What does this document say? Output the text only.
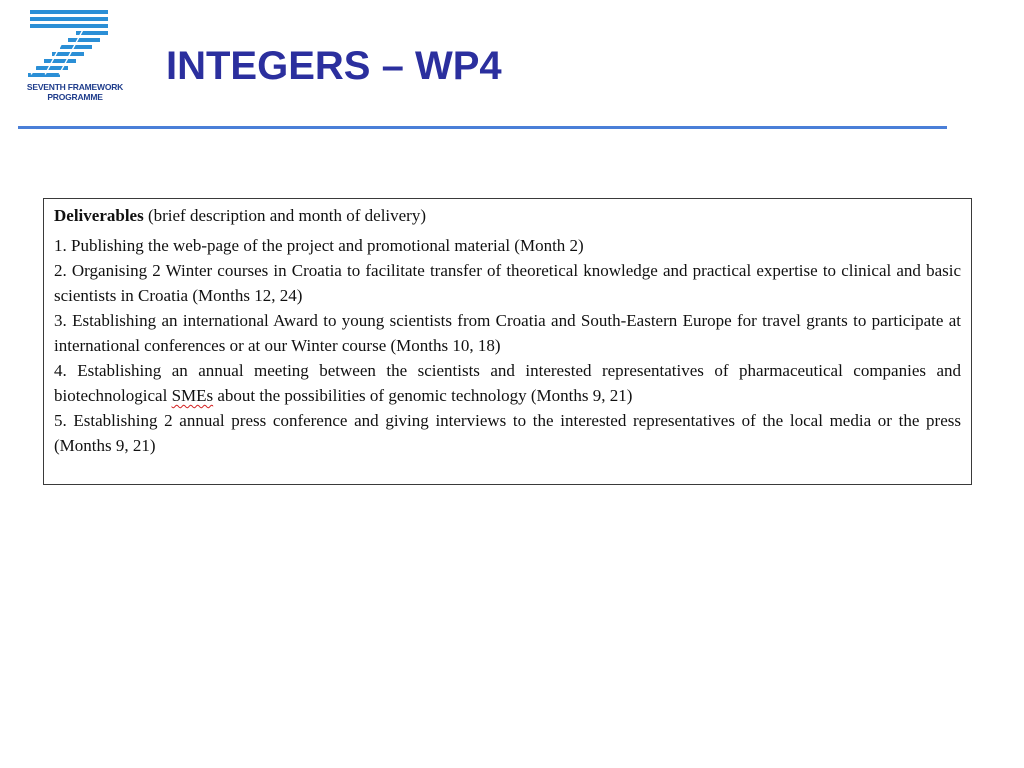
SEVENTH FRAMEWORK
PROGRAMME
INTEGERS – WP4

Deliverables (brief description and month of delivery)

1. Publishing the web-page of the project and promotional material (Month 2)

2. Organising 2 Winter courses in Croatia to facilitate transfer of theoretical knowledge and practical expertise to clinical and basic scientists in Croatia (Months 12, 24)

3. Establishing an international Award to young scientists from Croatia and South-Eastern Europe for travel grants to participate at international conferences or at our Winter course (Months 10, 18)

4. Establishing an annual meeting between the scientists and interested representatives of pharmaceutical companies and biotechnological SMEs about the possibilities of genomic technology (Months 9, 21)

5. Establishing 2 annual press conference and giving interviews to the interested representatives of the local media or the press (Months 9, 21)
